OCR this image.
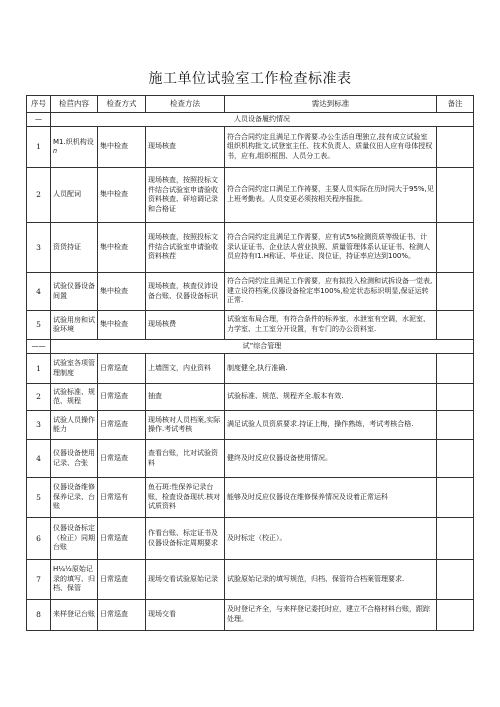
施工单位试验室工作检查标准表
序号	检苣内容	检查方式	检查方法	需达到标准	备注
—	人员设备履约情况				
1	M1.织机构设𝑛	集中检查	现场核査	符合合同约定且满足工作需要.办公生活自理独立,技有成立试验室组织机构批文,试登室主任、技术负责人、质量仪田人应有母体授权书，应有,组织框图、人员分工表。	
2	人员配词	集中检查	现场核査，按照投标文件结合试验室申请验收资料核査、砰培调记录和合格证	符合合同约定口满足工作祷要，主要人员实际在历时同大于95%,见上班考勤表。人员变更必须按相关程序报批。	
3	资货持证	集中检查	现场核査，按照投标文件结合试验室申请验收资料核茬	符合合同约定且满足工作需要，应有试5%检测资质等级证书、计录认证证书、企业法人营业执照、质量管理体系认证证书、检测人员应持有I1.H称证、毕业证、岗位证，持证率应达到100%。	
4	试验仪器设备间置	集中检查	现场核査，核査仪沛设备台账、仪器设备标识	符合合同约定且满足工作需要，应有拟投入检测和试拆设备一觉表,建立设符档案,仪器设备检定率100%,检定状态标识明显,保证运转正常.	
5	试验用房和试验环境	集中检查	现场核费	试验室布局合理，有符合条件的标养室，水泄室有空调，水泥室、力学室、土工室分开设置，有专门的办公资料室.	
——	试”综合管理				
1	试验室各项管理制度	日常巡査	上墙图文，内业资料	制度健全,执行准确.	
2	试验标准、规范、规程	日常巡查	抽査	试验标准、规范、规程齐全.版本有效.	
3	试验人员操作能力	日常巡查	现场核对人员档案,实际操作.考试考核	满足试验人员资质要求.持证上梅，操作熟练，考试考核合格.	
4	仪器设备使用记录、合张	日常巡查	查看台账，比对试验资料	健终及时反应仪器设备使用情况。	
5	仪器设备维修保养记录、台账	日常巡有	鱼石斑:性保养记录台账，检査设备现状.核对试质资料	能够及时反应仪器设在维修保养情况及设着正常运科	
6	仪器设备标定（检正）同期台账	日常巡査	作看台账、标定证书及仪器设备标定周期要求	及时标定（校正）。	
7	H¼½原始记录的填写、归档、保管	日常巡査	现场交看试验原始记录	试脸原始记录的填写规范，归档、保管符合档案管理要求.	
8	来样登记台账	日常巡査	现场交看	及时登记齐全，与来样登记委托时应，建立不合格材料台账，跟踪处理。	
